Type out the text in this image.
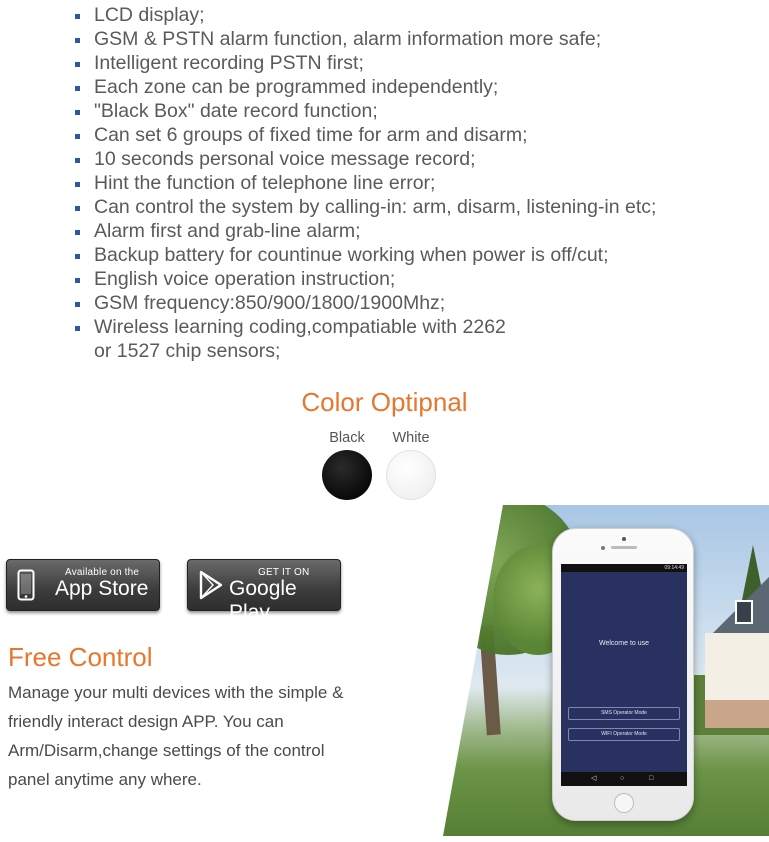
LCD display;
GSM & PSTN alarm function, alarm information more safe;
Intelligent recording PSTN first;
Each zone can be programmed independently;
"Black Box" date record function;
Can set 6 groups of fixed time for arm and disarm;
10 seconds personal voice message record;
Hint the function of telephone line error;
Can control the system by calling-in: arm, disarm, listening-in etc;
Alarm first and grab-line alarm;
Backup battery for countinue working when power is off/cut;
English voice operation instruction;
GSM frequency:850/900/1800/1900Mhz;
Wireless learning coding,compatiable with 2262
or 1527 chip sensors;
Color Optipnal
Black	White
Available on the
App Store
GET IT ON
Google Play
Free Control

Manage your multi devices with the simple & friendly interact design APP. You can Arm/Disarm,change settings of the control panel anytime any where.

09:14:49
Welcome to use
SMS Operator Mode
WIFI Operator Mode
◁	○	□
